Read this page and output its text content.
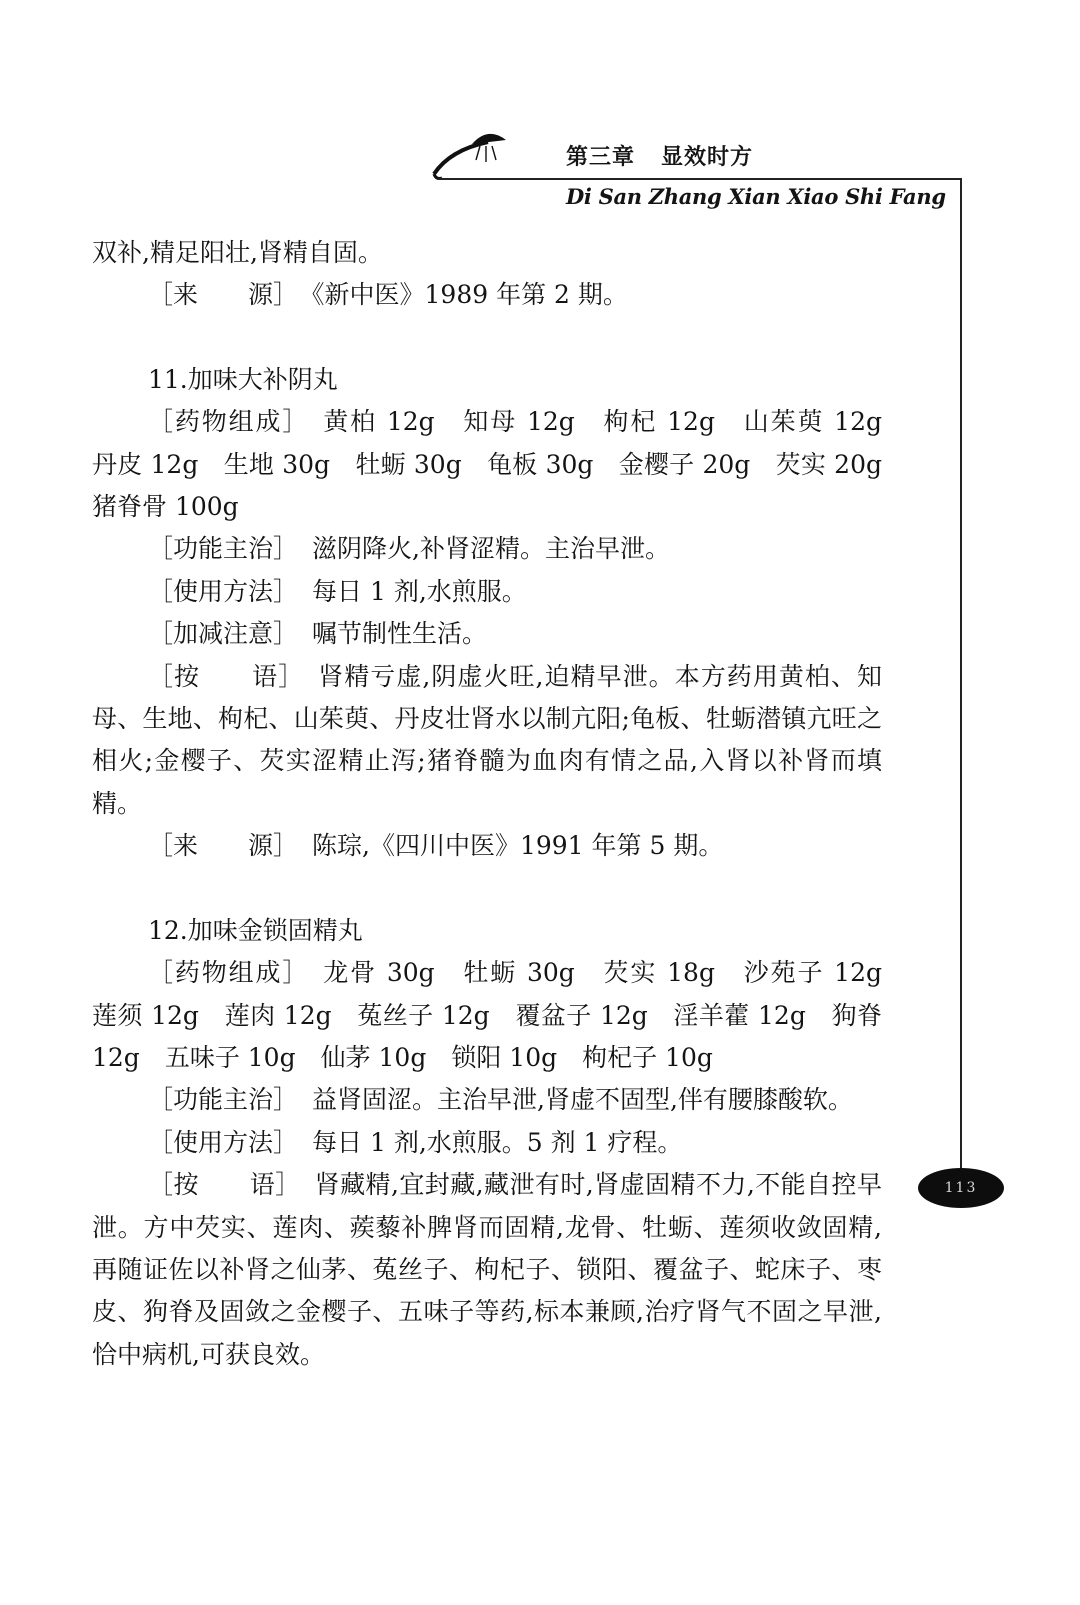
第三章   显效时方
Di San Zhang Xian Xiao Shi Fang
113

双补,精足阳壮,肾精自固。

［来　　源］ 《新中医》1989 年第 2 期。

11.加味大补阴丸

［药物组成］ 黄柏 12g　知母 12g　枸杞 12g　山茱萸 12g　丹皮 12g　生地 30g　牡蛎 30g　龟板 30g　金樱子 20g　芡实 20g　猪脊骨 100g

［功能主治］ 滋阴降火,补肾涩精。主治早泄。

［使用方法］ 每日 1 剂,水煎服。

［加减注意］ 嘱节制性生活。

［按　　语］ 肾精亏虚,阴虚火旺,迫精早泄。本方药用黄柏、知母、生地、枸杞、山茱萸、丹皮壮肾水以制亢阳;龟板、牡蛎潜镇亢旺之相火;金樱子、芡实涩精止泻;猪脊髓为血肉有情之品,入肾以补肾而填精。

［来　　源］ 陈琮,《四川中医》1991 年第 5 期。

12.加味金锁固精丸

［药物组成］ 龙骨 30g　牡蛎 30g　芡实 18g　沙苑子 12g　莲须 12g　莲肉 12g　菟丝子 12g　覆盆子 12g　淫羊藿 12g　狗脊 12g　五味子 10g　仙茅 10g　锁阳 10g　枸杞子 10g

［功能主治］ 益肾固涩。主治早泄,肾虚不固型,伴有腰膝酸软。

［使用方法］ 每日 1 剂,水煎服。5 剂 1 疗程。

［按　　语］ 肾藏精,宜封藏,藏泄有时,肾虚固精不力,不能自控早泄。方中芡实、莲肉、蒺藜补脾肾而固精,龙骨、牡蛎、莲须收敛固精,再随证佐以补肾之仙茅、菟丝子、枸杞子、锁阳、覆盆子、蛇床子、枣皮、狗脊及固敛之金樱子、五味子等药,标本兼顾,治疗肾气不固之早泄,恰中病机,可获良效。
